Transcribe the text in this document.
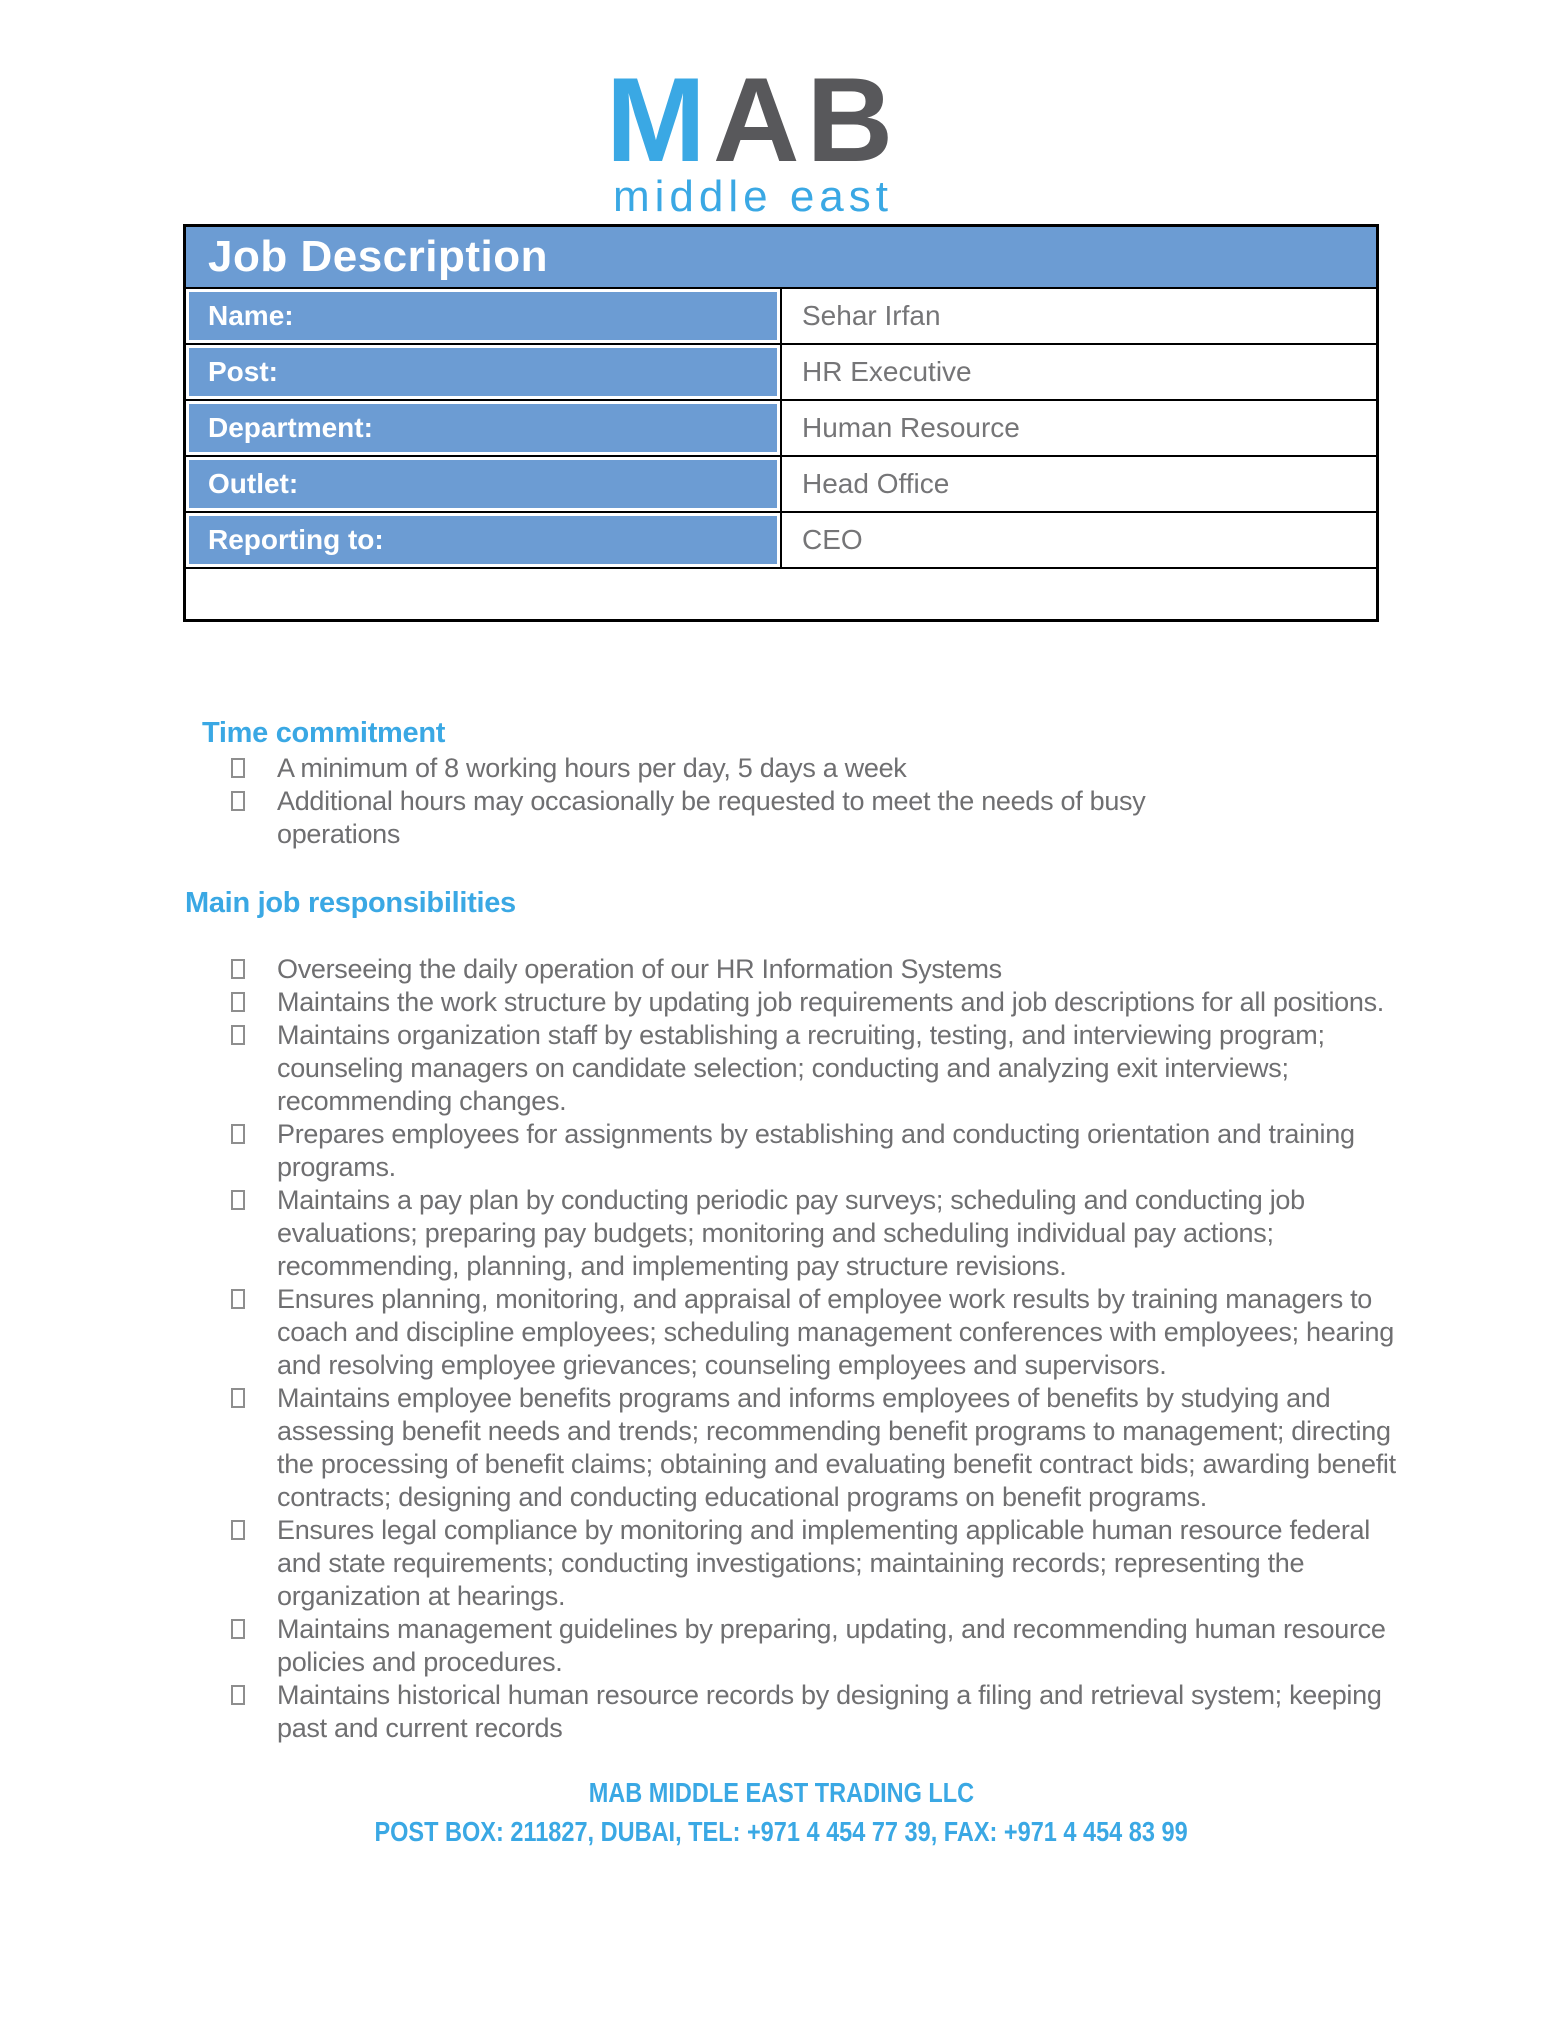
MAB
middle east
Job Description	
Name:	Sehar Irfan
Post:	HR Executive
Department:	Human Resource
Outlet:	Head Office
Reporting to:	CEO

Time commitment
A minimum of 8 working hours per day, 5 days a week
Additional hours may occasionally be requested to meet the needs of busy operations
Main job responsibilities
Overseeing the daily operation of our HR Information Systems
Maintains the work structure by updating job requirements and job descriptions for all positions.
Maintains organization staff by establishing a recruiting, testing, and interviewing program; counseling managers on candidate selection; conducting and analyzing exit interviews; recommending changes.
Prepares employees for assignments by establishing and conducting orientation and training programs.
Maintains a pay plan by conducting periodic pay surveys; scheduling and conducting job evaluations; preparing pay budgets; monitoring and scheduling individual pay actions; recommending, planning, and implementing pay structure revisions.
Ensures planning, monitoring, and appraisal of employee work results by training managers to coach and discipline employees; scheduling management conferences with employees; hearing and resolving employee grievances; counseling employees and supervisors.
Maintains employee benefits programs and informs employees of benefits by studying and assessing benefit needs and trends; recommending benefit programs to management; directing the processing of benefit claims; obtaining and evaluating benefit contract bids; awarding benefit contracts; designing and conducting educational programs on benefit programs.
Ensures legal compliance by monitoring and implementing applicable human resource federal and state requirements; conducting investigations; maintaining records; representing the organization at hearings.
Maintains management guidelines by preparing, updating, and recommending human resource policies and procedures.
Maintains historical human resource records by designing a filing and retrieval system; keeping past and current records
MAB MIDDLE EAST TRADING LLC
POST BOX: 211827, DUBAI, TEL: +971 4 454 77 39, FAX: +971 4 454 83 99
